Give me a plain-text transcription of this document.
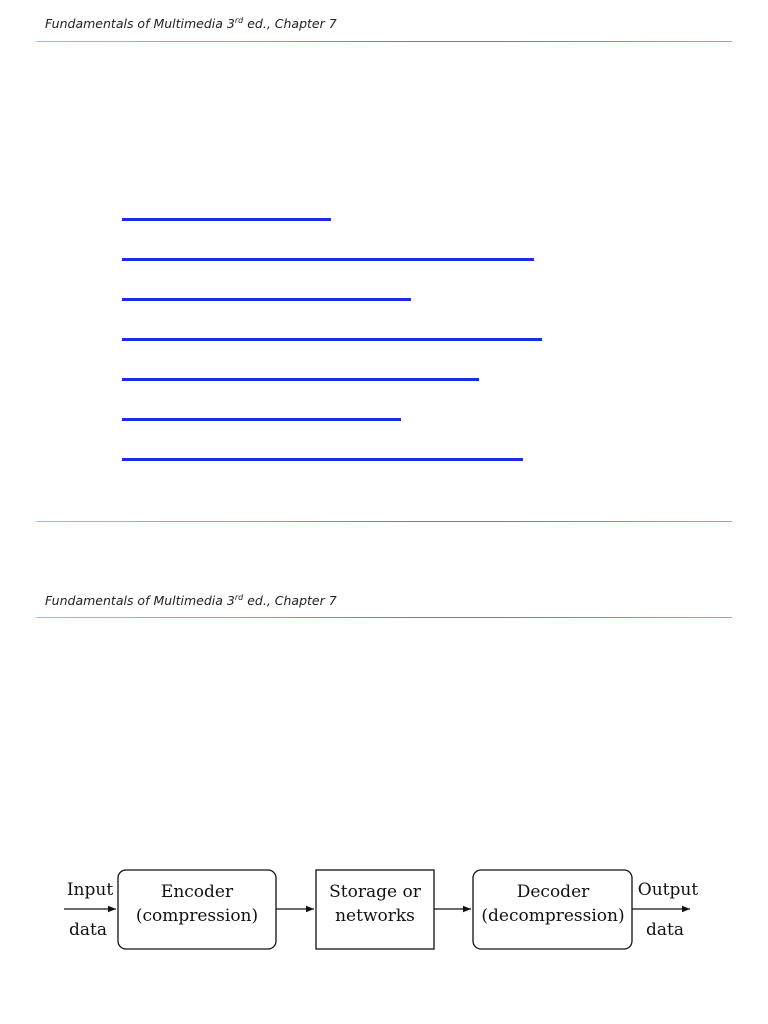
Fundamentals of Multimedia 3rd ed., Chapter 7
Fundamentals of Multimedia 3rd ed., Chapter 7
Input
data
Encoder
(compression)
Storage or
networks
Decoder
(decompression)
Output
data
